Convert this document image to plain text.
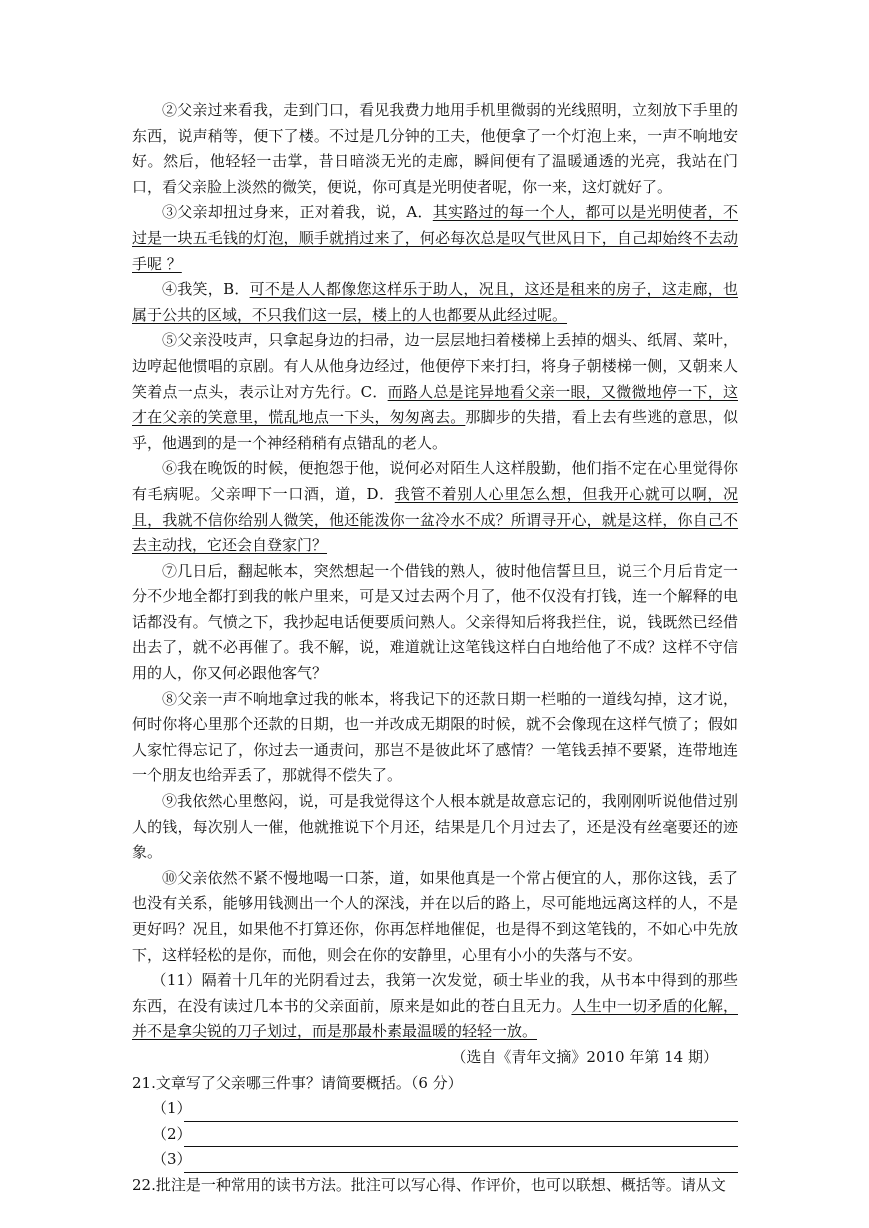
②父亲过来看我，走到门口，看见我费力地用手机里微弱的光线照明，立刻放下手里的东西，说声稍等，便下了楼。不过是几分钟的工夫，他便拿了一个灯泡上来，一声不响地安好。然后，他轻轻一击掌，昔日暗淡无光的走廊，瞬间便有了温暖通透的光亮，我站在门口，看父亲脸上淡然的微笑，便说，你可真是光明使者呢，你一来，这灯就好了。

③父亲却扭过身来，正对着我，说，A．其实路过的每一个人，都可以是光明使者，不过是一块五毛钱的灯泡，顺手就捎过来了，何必每次总是叹气世风日下，自己却始终不去动手呢 ？

④我笑，B．可不是人人都像您这样乐于助人，况且，这还是租来的房子，这走廊，也属于公共的区域，不只我们这一层，楼上的人也都要从此经过呢。

⑤父亲没吱声，只拿起身边的扫帚，边一层层地扫着楼梯上丢掉的烟头、纸屑、菜叶，边哼起他惯唱的京剧。有人从他身边经过，他便停下来打扫，将身子朝楼梯一侧，又朝来人笑着点一点头，表示让对方先行。C．而路人总是诧异地看父亲一眼，又微微地停一下，这才在父亲的笑意里，慌乱地点一下头，匆匆离去。那脚步的失措，看上去有些逃的意思，似乎，他遇到的是一个神经稍稍有点错乱的老人。

⑥我在晚饭的时候，便抱怨于他，说何必对陌生人这样殷勤，他们指不定在心里觉得你有毛病呢。父亲呷下一口酒，道，D．我管不着别人心里怎么想，但我开心就可以啊，况且，我就不信你给别人微笑，他还能泼你一盆冷水不成？所谓寻开心，就是这样，你自己不去主动找，它还会自登家门？

⑦几日后，翻起帐本，突然想起一个借钱的熟人，彼时他信誓旦旦，说三个月后肯定一分不少地全都打到我的帐户里来，可是又过去两个月了，他不仅没有打钱，连一个解释的电话都没有。气愤之下，我抄起电话便要质问熟人。父亲得知后将我拦住，说，钱既然已经借出去了，就不必再催了。我不解，说，难道就让这笔钱这样白白地给他了不成？这样不守信用的人，你又何必跟他客气？

⑧父亲一声不响地拿过我的帐本，将我记下的还款日期一栏啪的一道线勾掉，这才说，何时你将心里那个还款的日期，也一并改成无期限的时候，就不会像现在这样气愤了；假如人家忙得忘记了，你过去一通责问，那岂不是彼此坏了感情？一笔钱丢掉不要紧，连带地连一个朋友也给弄丢了，那就得不偿失了。

⑨我依然心里憋闷，说，可是我觉得这个人根本就是故意忘记的，我刚刚听说他借过别人的钱，每次别人一催，他就推说下个月还，结果是几个月过去了，还是没有丝毫要还的迹象。

⑩父亲依然不紧不慢地喝一口茶，道，如果他真是一个常占便宜的人，那你这钱，丢了也没有关系，能够用钱测出一个人的深浅，并在以后的路上，尽可能地远离这样的人，不是更好吗？况且，如果他不打算还你，你再怎样地催促，也是得不到这笔钱的，不如心中先放下，这样轻松的是你，而他，则会在你的安静里，心里有小小的失落与不安。

（11）隔着十几年的光阴看过去，我第一次发觉，硕士毕业的我，从书本中得到的那些东西，在没有读过几本书的父亲面前，原来是如此的苍白且无力。人生中一切矛盾的化解，并不是拿尖锐的刀子划过，而是那最朴素最温暖的轻轻一放。

（选自《青年文摘》2010 年第 14 期）

21.文章写了父亲哪三件事？请简要概括。（6 分）

（1）
（2）
（3）

22.批注是一种常用的读书方法。批注可以写心得、作评价，也可以联想、概括等。请从文
